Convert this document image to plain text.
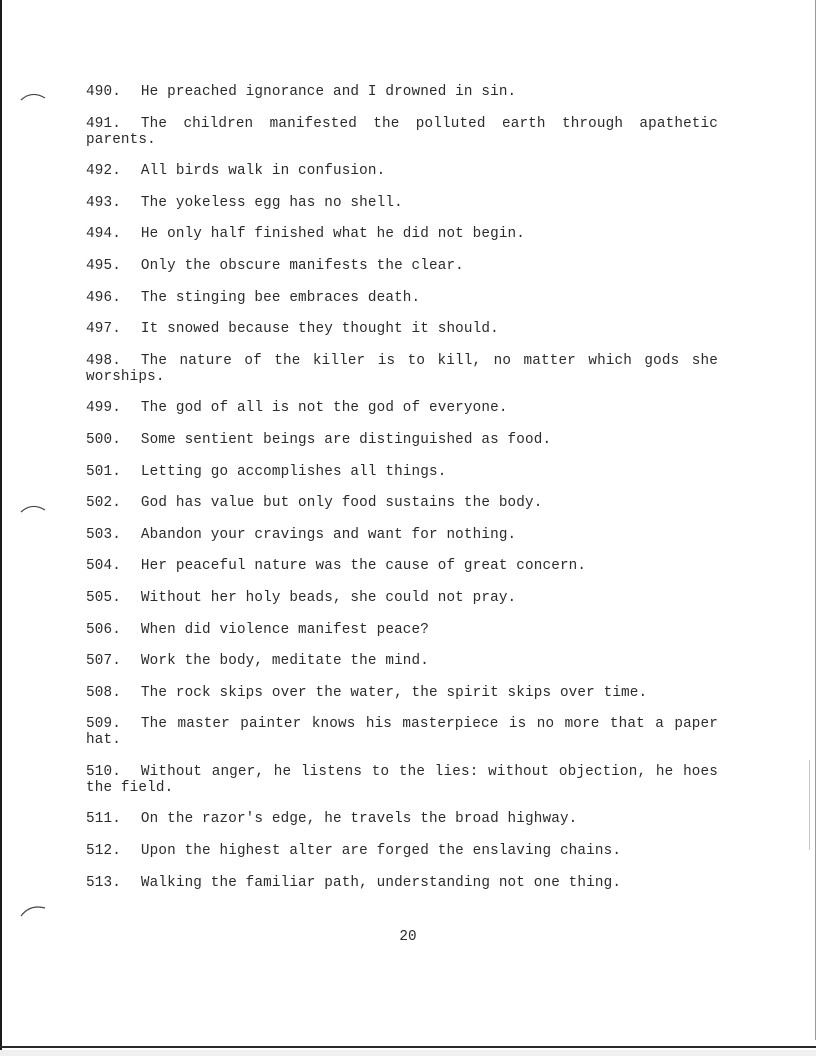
490. He preached ignorance and I drowned in sin.

491. The children manifested the polluted earth through apathetic parents.

492. All birds walk in confusion.

493. The yokeless egg has no shell.

494. He only half finished what he did not begin.

495. Only the obscure manifests the clear.

496. The stinging bee embraces death.

497. It snowed because they thought it should.

498. The nature of the killer is to kill, no matter which gods she worships.

499. The god of all is not the god of everyone.

500. Some sentient beings are distinguished as food.

501. Letting go accomplishes all things.

502. God has value but only food sustains the body.

503. Abandon your cravings and want for nothing.

504. Her peaceful nature was the cause of great concern.

505. Without her holy beads, she could not pray.

506. When did violence manifest peace?

507. Work the body, meditate the mind.

508. The rock skips over the water, the spirit skips over time.

509. The master painter knows his masterpiece is no more that a paper hat.

510. Without anger, he listens to the lies: without objection, he hoes the field.

511. On the razor's edge, he travels the broad highway.

512. Upon the highest alter are forged the enslaving chains.

513. Walking the familiar path, understanding not one thing.

20
